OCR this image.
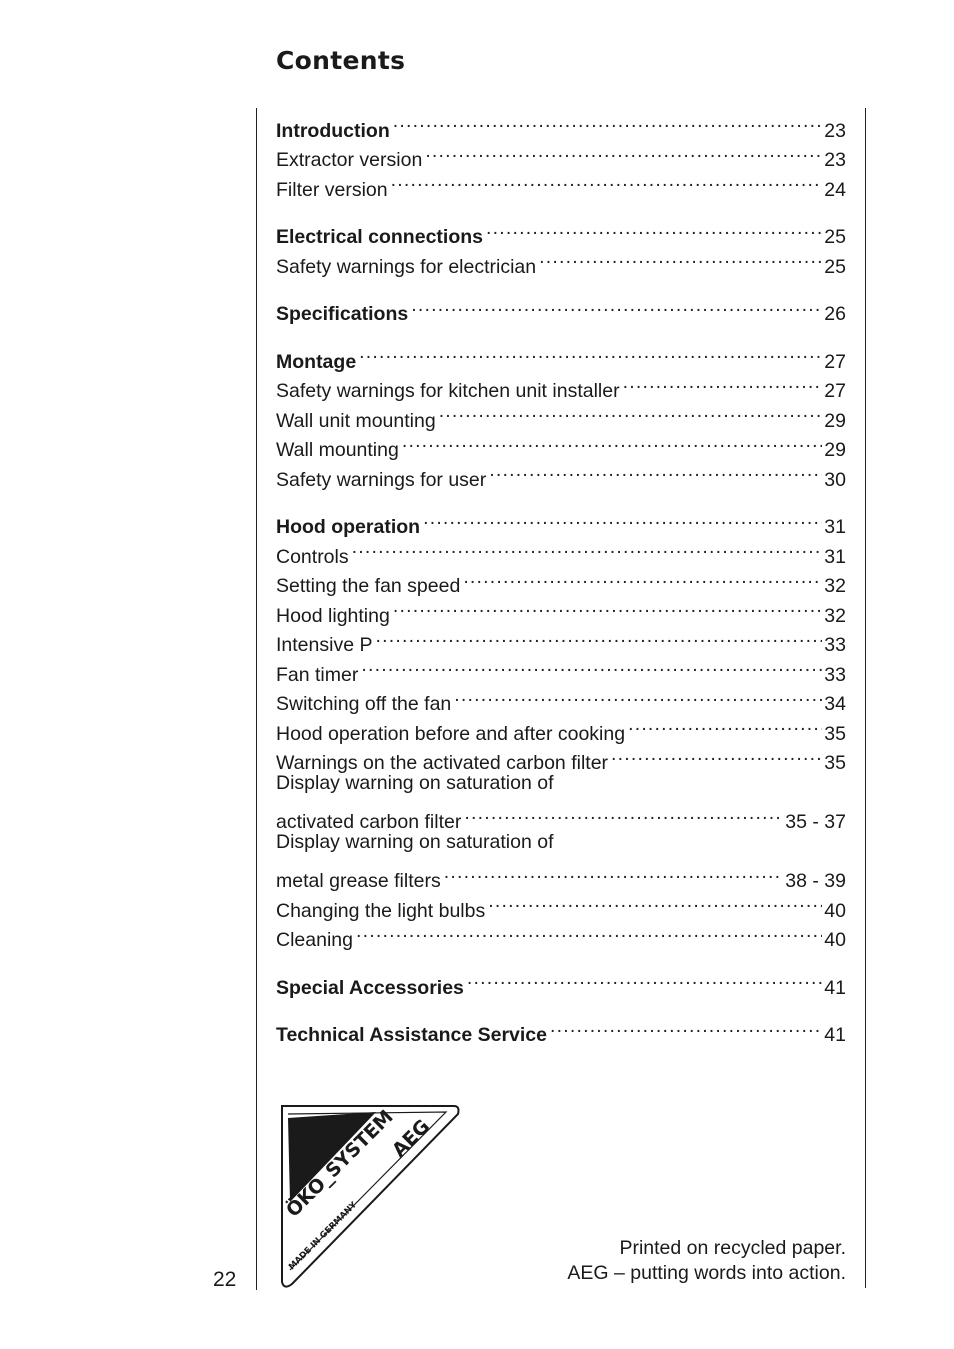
Contents
Introduction .....	23
Extractor version .....	23
Filter version .....	24
Electrical connections .....	25
Safety warnings for electrician .....	25
Specifications .....	26
Montage .....	27
Safety warnings for kitchen unit installer .....	27
Wall unit mounting .....	29
Wall mounting .....	29
Safety warnings for user .....	30
Hood operation .....	31
Controls .....	31
Setting the fan speed .....	32
Hood lighting .....	32
Intensive P .....	33
Fan timer .....	33
Switching off the fan .....	34
Hood operation before and after cooking .....	35
Warnings on the activated carbon filter .....	35
Display warning on saturation of
activated carbon filter .....	35 - 37
Display warning on saturation of
metal grease filters .....	38 - 39
Changing the light bulbs .....	40
Cleaning .....	40
Special Accessories .....	41
Technical Assistance Service .....	41
ÖKO_SYSTEM
AEG
MADE IN GERMANY
22
Printed on recycled paper.
AEG – putting words into action.
